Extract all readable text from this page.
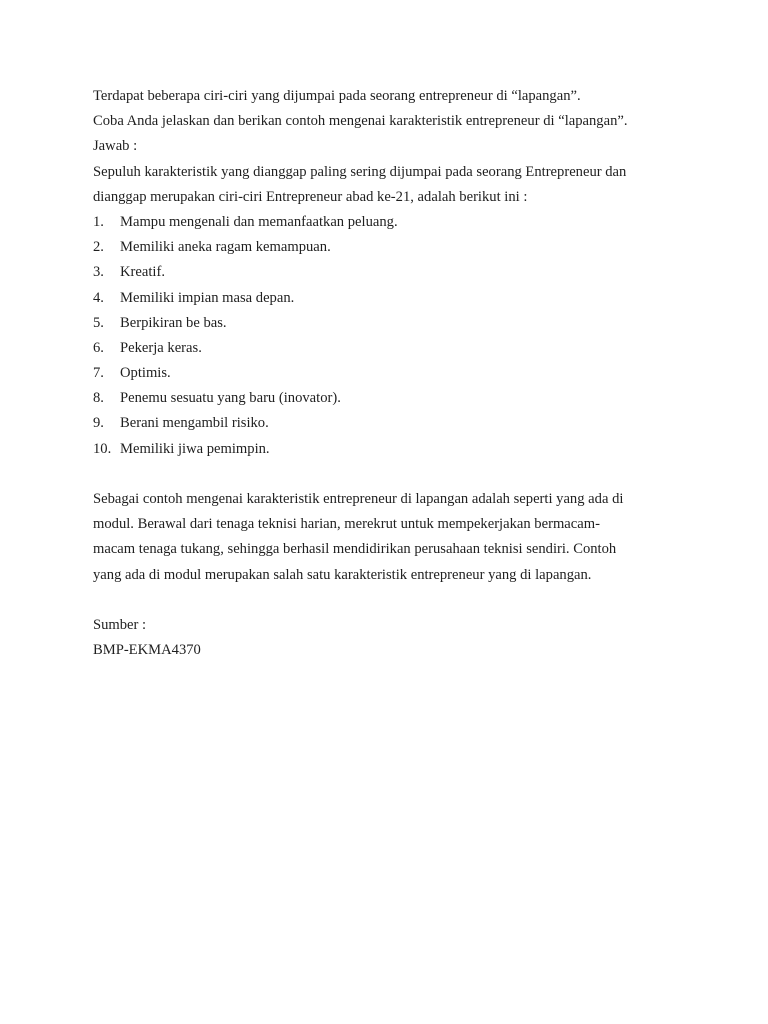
Terdapat beberapa ciri-ciri yang dijumpai pada seorang entrepreneur di “lapangan”.

Coba Anda jelaskan dan berikan contoh mengenai karakteristik entrepreneur di “lapangan”.

Jawab :

Sepuluh karakteristik yang dianggap paling sering dijumpai pada seorang Entrepreneur dan

dianggap merupakan ciri-ciri Entrepreneur abad ke-21, adalah berikut ini :

1.	Mampu mengenali dan memanfaatkan peluang.
2.	Memiliki aneka ragam kemampuan.
3.	Kreatif.
4.	Memiliki impian masa depan.
5.	Berpikiran be bas.
6.	Pekerja keras.
7.	Optimis.
8.	Penemu sesuatu yang baru (inovator).
9.	Berani mengambil risiko.
10. Memiliki jiwa pemimpin.

Sebagai contoh mengenai karakteristik entrepreneur di lapangan adalah seperti yang ada di

modul. Berawal dari tenaga teknisi harian, merekrut untuk mempekerjakan bermacam-

macam tenaga tukang, sehingga berhasil mendidirikan perusahaan teknisi sendiri. Contoh

yang ada di modul merupakan salah satu karakteristik entrepreneur yang di lapangan.

Sumber :

BMP-EKMA4370
